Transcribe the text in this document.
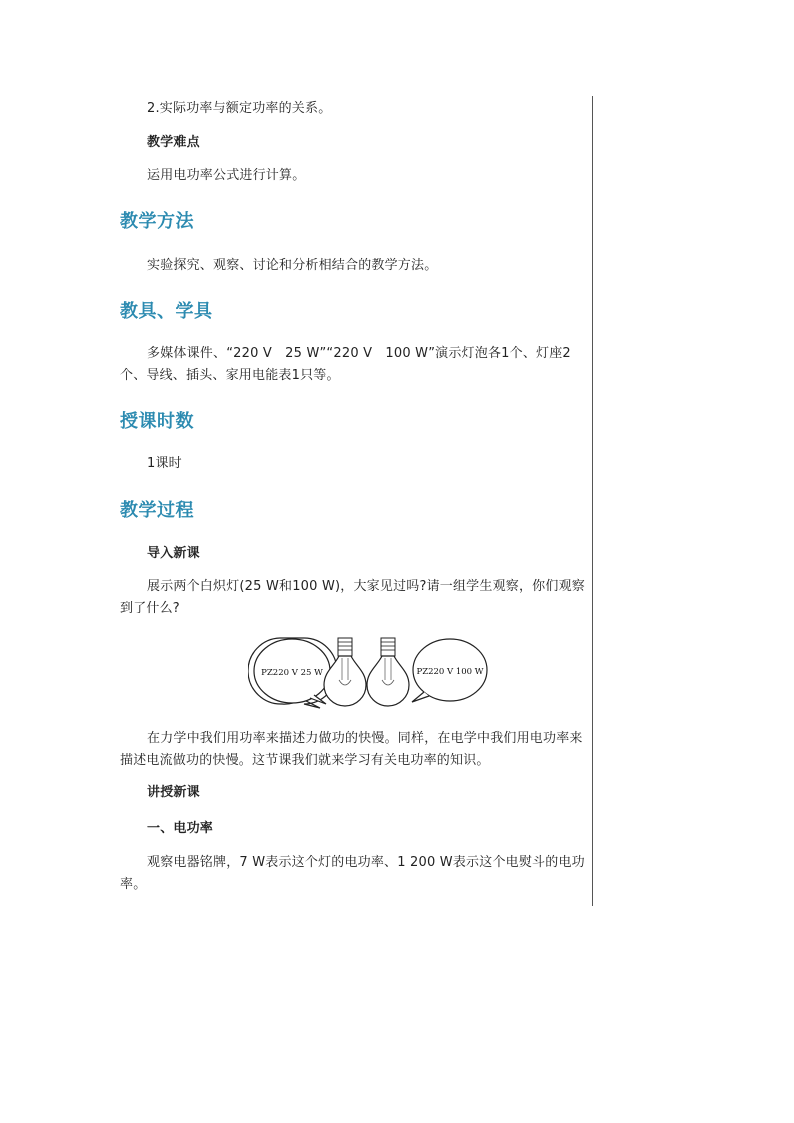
2.实际功率与额定功率的关系。

教学难点

运用电功率公式进行计算。

教学方法

实验探究、观察、讨论和分析相结合的教学方法。

教具、学具

多媒体课件、“220 V　25 W”“220 V　100 W”演示灯泡各1个、灯座2个、导线、插头、家用电能表1只等。

授课时数

1课时

教学过程

导入新课

展示两个白炽灯(25 W和100 W)，大家见过吗?请一组学生观察，你们观察到了什么?

PZ220 V 25 W	PZ220 V 100 W

在力学中我们用功率来描述力做功的快慢。同样，在电学中我们用电功率来描述电流做功的快慢。这节课我们就来学习有关电功率的知识。

讲授新课

一、电功率

观察电器铭牌，7 W表示这个灯的电功率、1 200 W表示这个电熨斗的电功率。
